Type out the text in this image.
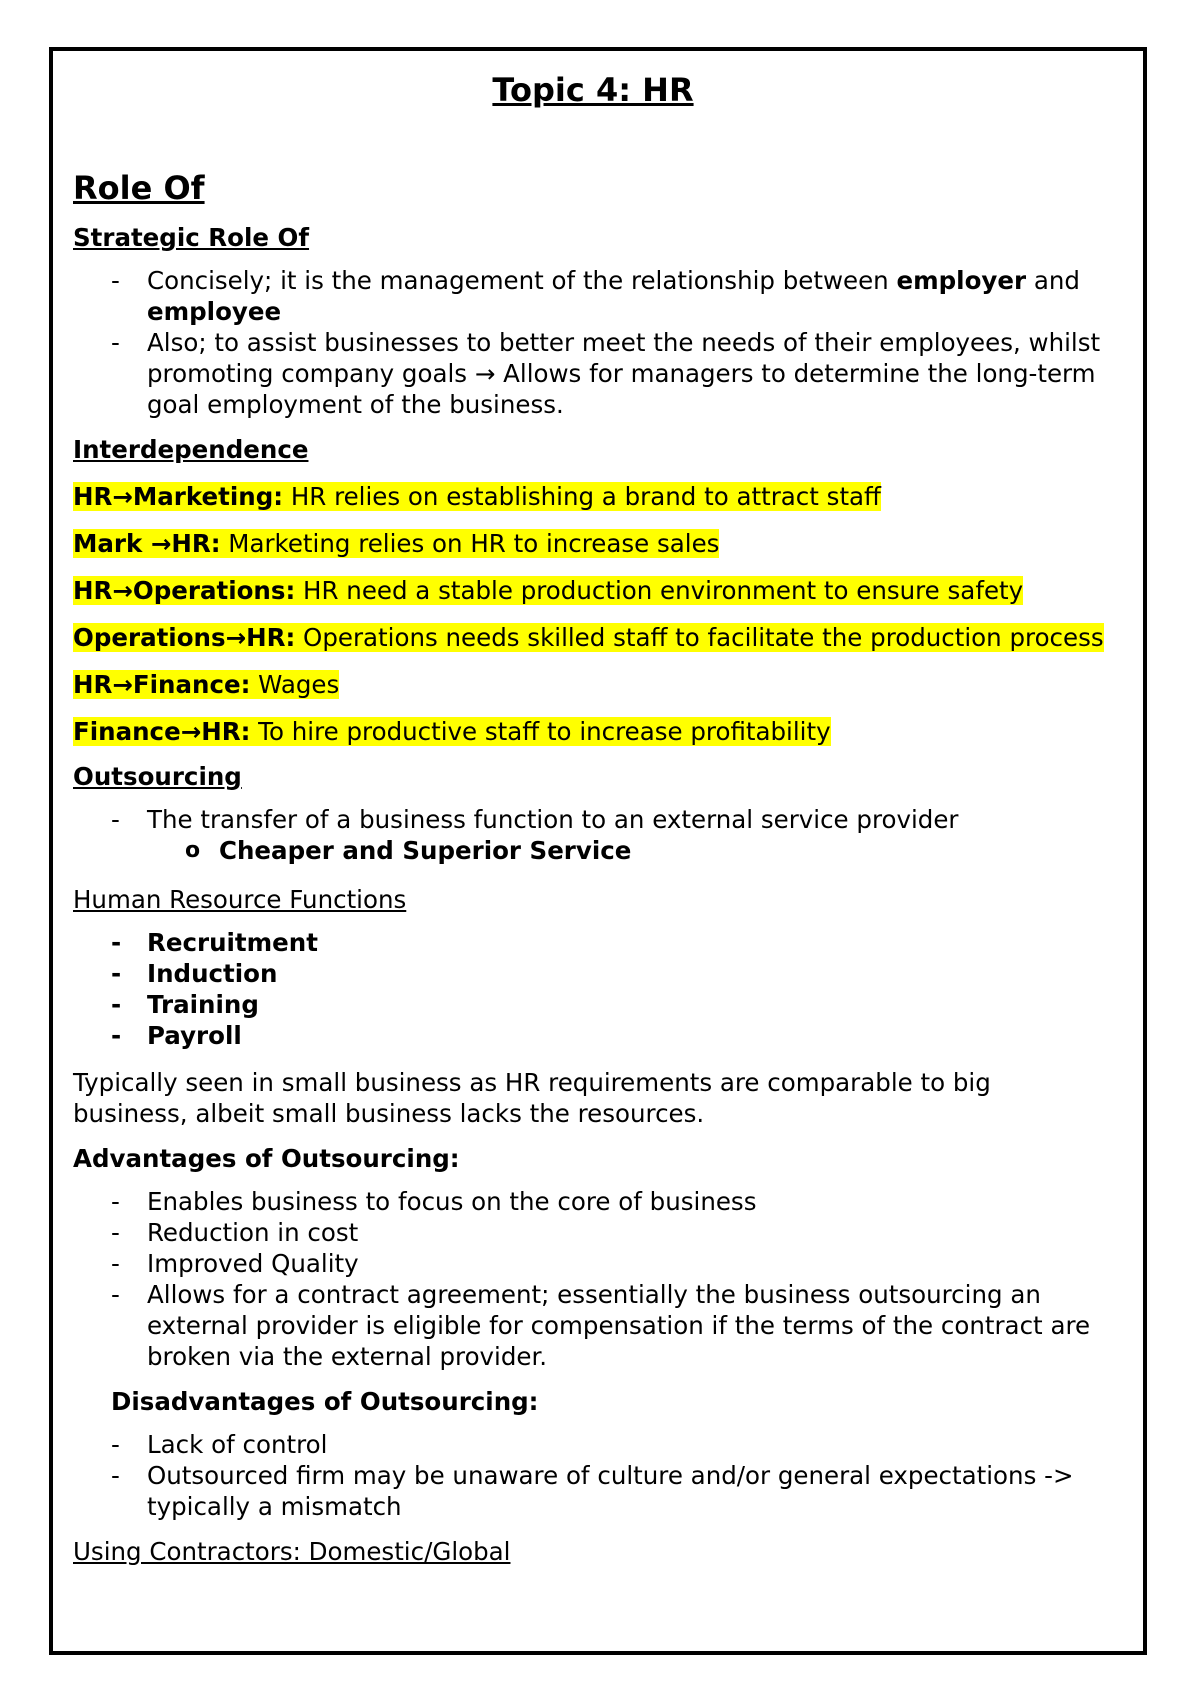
Topic 4: HR
Role Of
Strategic Role Of
- Concisely; it is the management of the relationship between employer and employee
- Also; to assist businesses to better meet the needs of their employees, whilst promoting company goals → Allows for managers to determine the long-term goal employment of the business.
Interdependence
HR→Marketing: HR relies on establishing a brand to attract staff
Mark →HR: Marketing relies on HR to increase sales
HR→Operations: HR need a stable production environment to ensure safety
Operations→HR: Operations needs skilled staff to facilitate the production process
HR→Finance: Wages
Finance→HR: To hire productive staff to increase profitability
Outsourcing
- The transfer of a business function to an external service provider
o Cheaper and Superior Service
Human Resource Functions
- Recruitment
- Induction
- Training
- Payroll

Typically seen in small business as HR requirements are comparable to big business, albeit small business lacks the resources.

Advantages of Outsourcing:
- Enables business to focus on the core of business
- Reduction in cost
- Improved Quality
- Allows for a contract agreement; essentially the business outsourcing an external provider is eligible for compensation if the terms of the contract are broken via the external provider.
Disadvantages of Outsourcing:
- Lack of control
- Outsourced firm may be unaware of culture and/or general expectations -> typically a mismatch
Using Contractors: Domestic/Global
